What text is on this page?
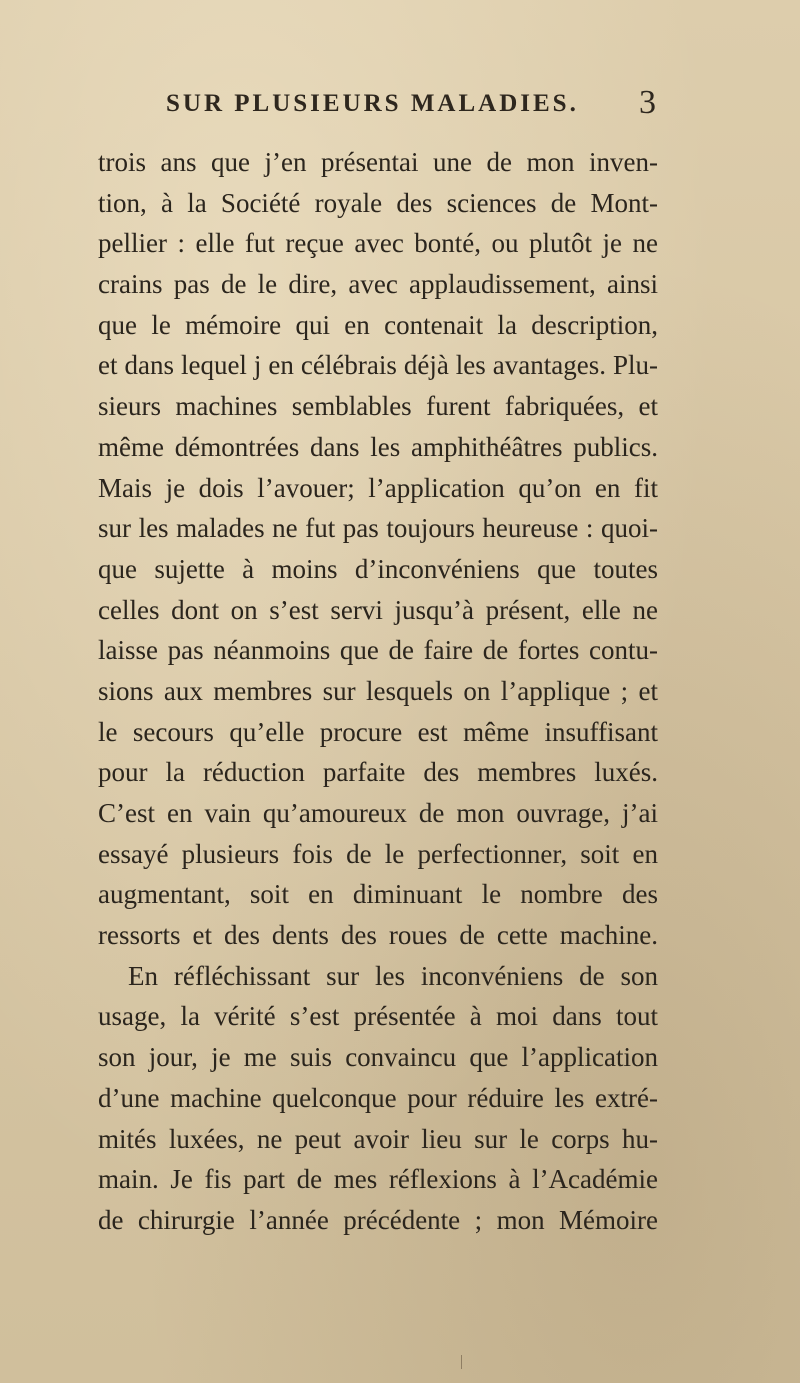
SUR PLUSIEURS MALADIES. 3
trois ans que j’en présentai une de mon inven-
tion, à la Société royale des sciences de Mont-
pellier : elle fut reçue avec bonté, ou plutôt je ne
crains pas de le dire, avec applaudissement, ainsi
que le mémoire qui en contenait la description,
et dans lequel j en célébrais déjà les avantages. Plu-
sieurs machines semblables furent fabriquées, et
même démontrées dans les amphithéâtres publics.
Mais je dois l’avouer; l’application qu’on en fit
sur les malades ne fut pas toujours heureuse : quoi-
que sujette à moins d’inconvéniens que toutes
celles dont on s’est servi jusqu’à présent, elle ne
laisse pas néanmoins que de faire de fortes contu-
sions aux membres sur lesquels on l’applique ; et
le secours qu’elle procure est même insuffisant
pour la réduction parfaite des membres luxés.
C’est en vain qu’amoureux de mon ouvrage, j’ai
essayé plusieurs fois de le perfectionner, soit en
augmentant, soit en diminuant le nombre des
ressorts et des dents des roues de cette machine.
En réfléchissant sur les inconvéniens de son
usage, la vérité s’est présentée à moi dans tout
son jour, je me suis convaincu que l’application
d’une machine quelconque pour réduire les extré-
mités luxées, ne peut avoir lieu sur le corps hu-
main. Je fis part de mes réflexions à l’Académie
de chirurgie l’année précédente ; mon Mémoire
